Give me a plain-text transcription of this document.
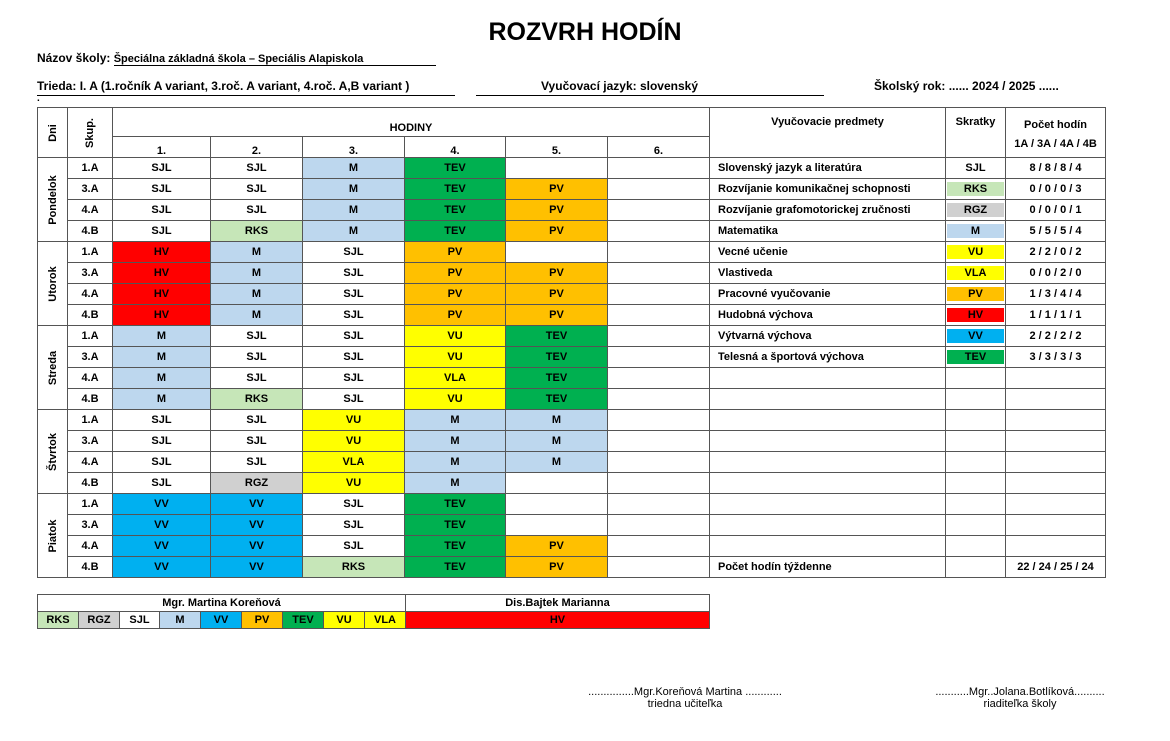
ROZVRH HODÍN
Názov školy: Špeciálna základná škola – Speciális Alapiskola
Trieda: I. A (1.ročník A variant, 3.roč. A variant, 4.roč. A,B variant )
.
Vyučovací jazyk: slovenský	Školský rok: ...... 2024 / 2025 ......
Dni	Skup.	HODINY						Vyučovacie predmety	Skratky	Počet hodín
1A / 3A / 4A / 4B

		1.	2.	3.	4.	5.	6.			

Pondelok	1.A	SJL	SJL	M	TEV			Slovenský jazyk a literatúra	SJL	8 / 8 / 8 / 4
	3.A	SJL	SJL	M	TEV	PV		Rozvíjanie komunikačnej schopnosti	RKS	0 / 0 / 0 / 3
	4.A	SJL	SJL	M	TEV	PV		Rozvíjanie grafomotorickej zručnosti	RGZ	0 / 0 / 0 / 1
	4.B	SJL	RKS	M	TEV	PV		Matematika	M	5 / 5 / 5 / 4

Utorok	1.A	HV	M	SJL	PV			Vecné učenie	VU	2 / 2 / 0 / 2
	3.A	HV	M	SJL	PV	PV		Vlastiveda	VLA	0 / 0 / 2 / 0
	4.A	HV	M	SJL	PV	PV		Pracovné vyučovanie	PV	1 / 3 / 4 / 4
	4.B	HV	M	SJL	PV	PV		Hudobná výchova	HV	1 / 1 / 1 / 1

Streda	1.A	M	SJL	SJL	VU	TEV		Výtvarná výchova	VV	2 / 2 / 2 / 2
	3.A	M	SJL	SJL	VU	TEV		Telesná a športová výchova	TEV	3 / 3 / 3 / 3
	4.A	M	SJL	SJL	VLA	TEV				
	4.B	M	RKS	SJL	VU	TEV				

Štvrtok	1.A	SJL	SJL	VU	M	M				
	3.A	SJL	SJL	VU	M	M				
	4.A	SJL	SJL	VLA	M	M				
	4.B	SJL	RGZ	VU	M					

Piatok	1.A	VV	VV	SJL	TEV					
	3.A	VV	VV	SJL	TEV					
	4.A	VV	VV	SJL	TEV	PV				
	4.B	VV	VV	RKS	TEV	PV		Počet hodín týždenne		22 / 24 / 25 / 24
Mgr. Martina Koreňová									Dis.Bajtek Marianna
RKS	RGZ	SJL	M	VV	PV	TEV	VU	VLA	HV
...............Mgr.Koreňová Martina ............
triedna učiteľka
...........Mgr..Jolana.Botlíková..........
riaditeľka školy
